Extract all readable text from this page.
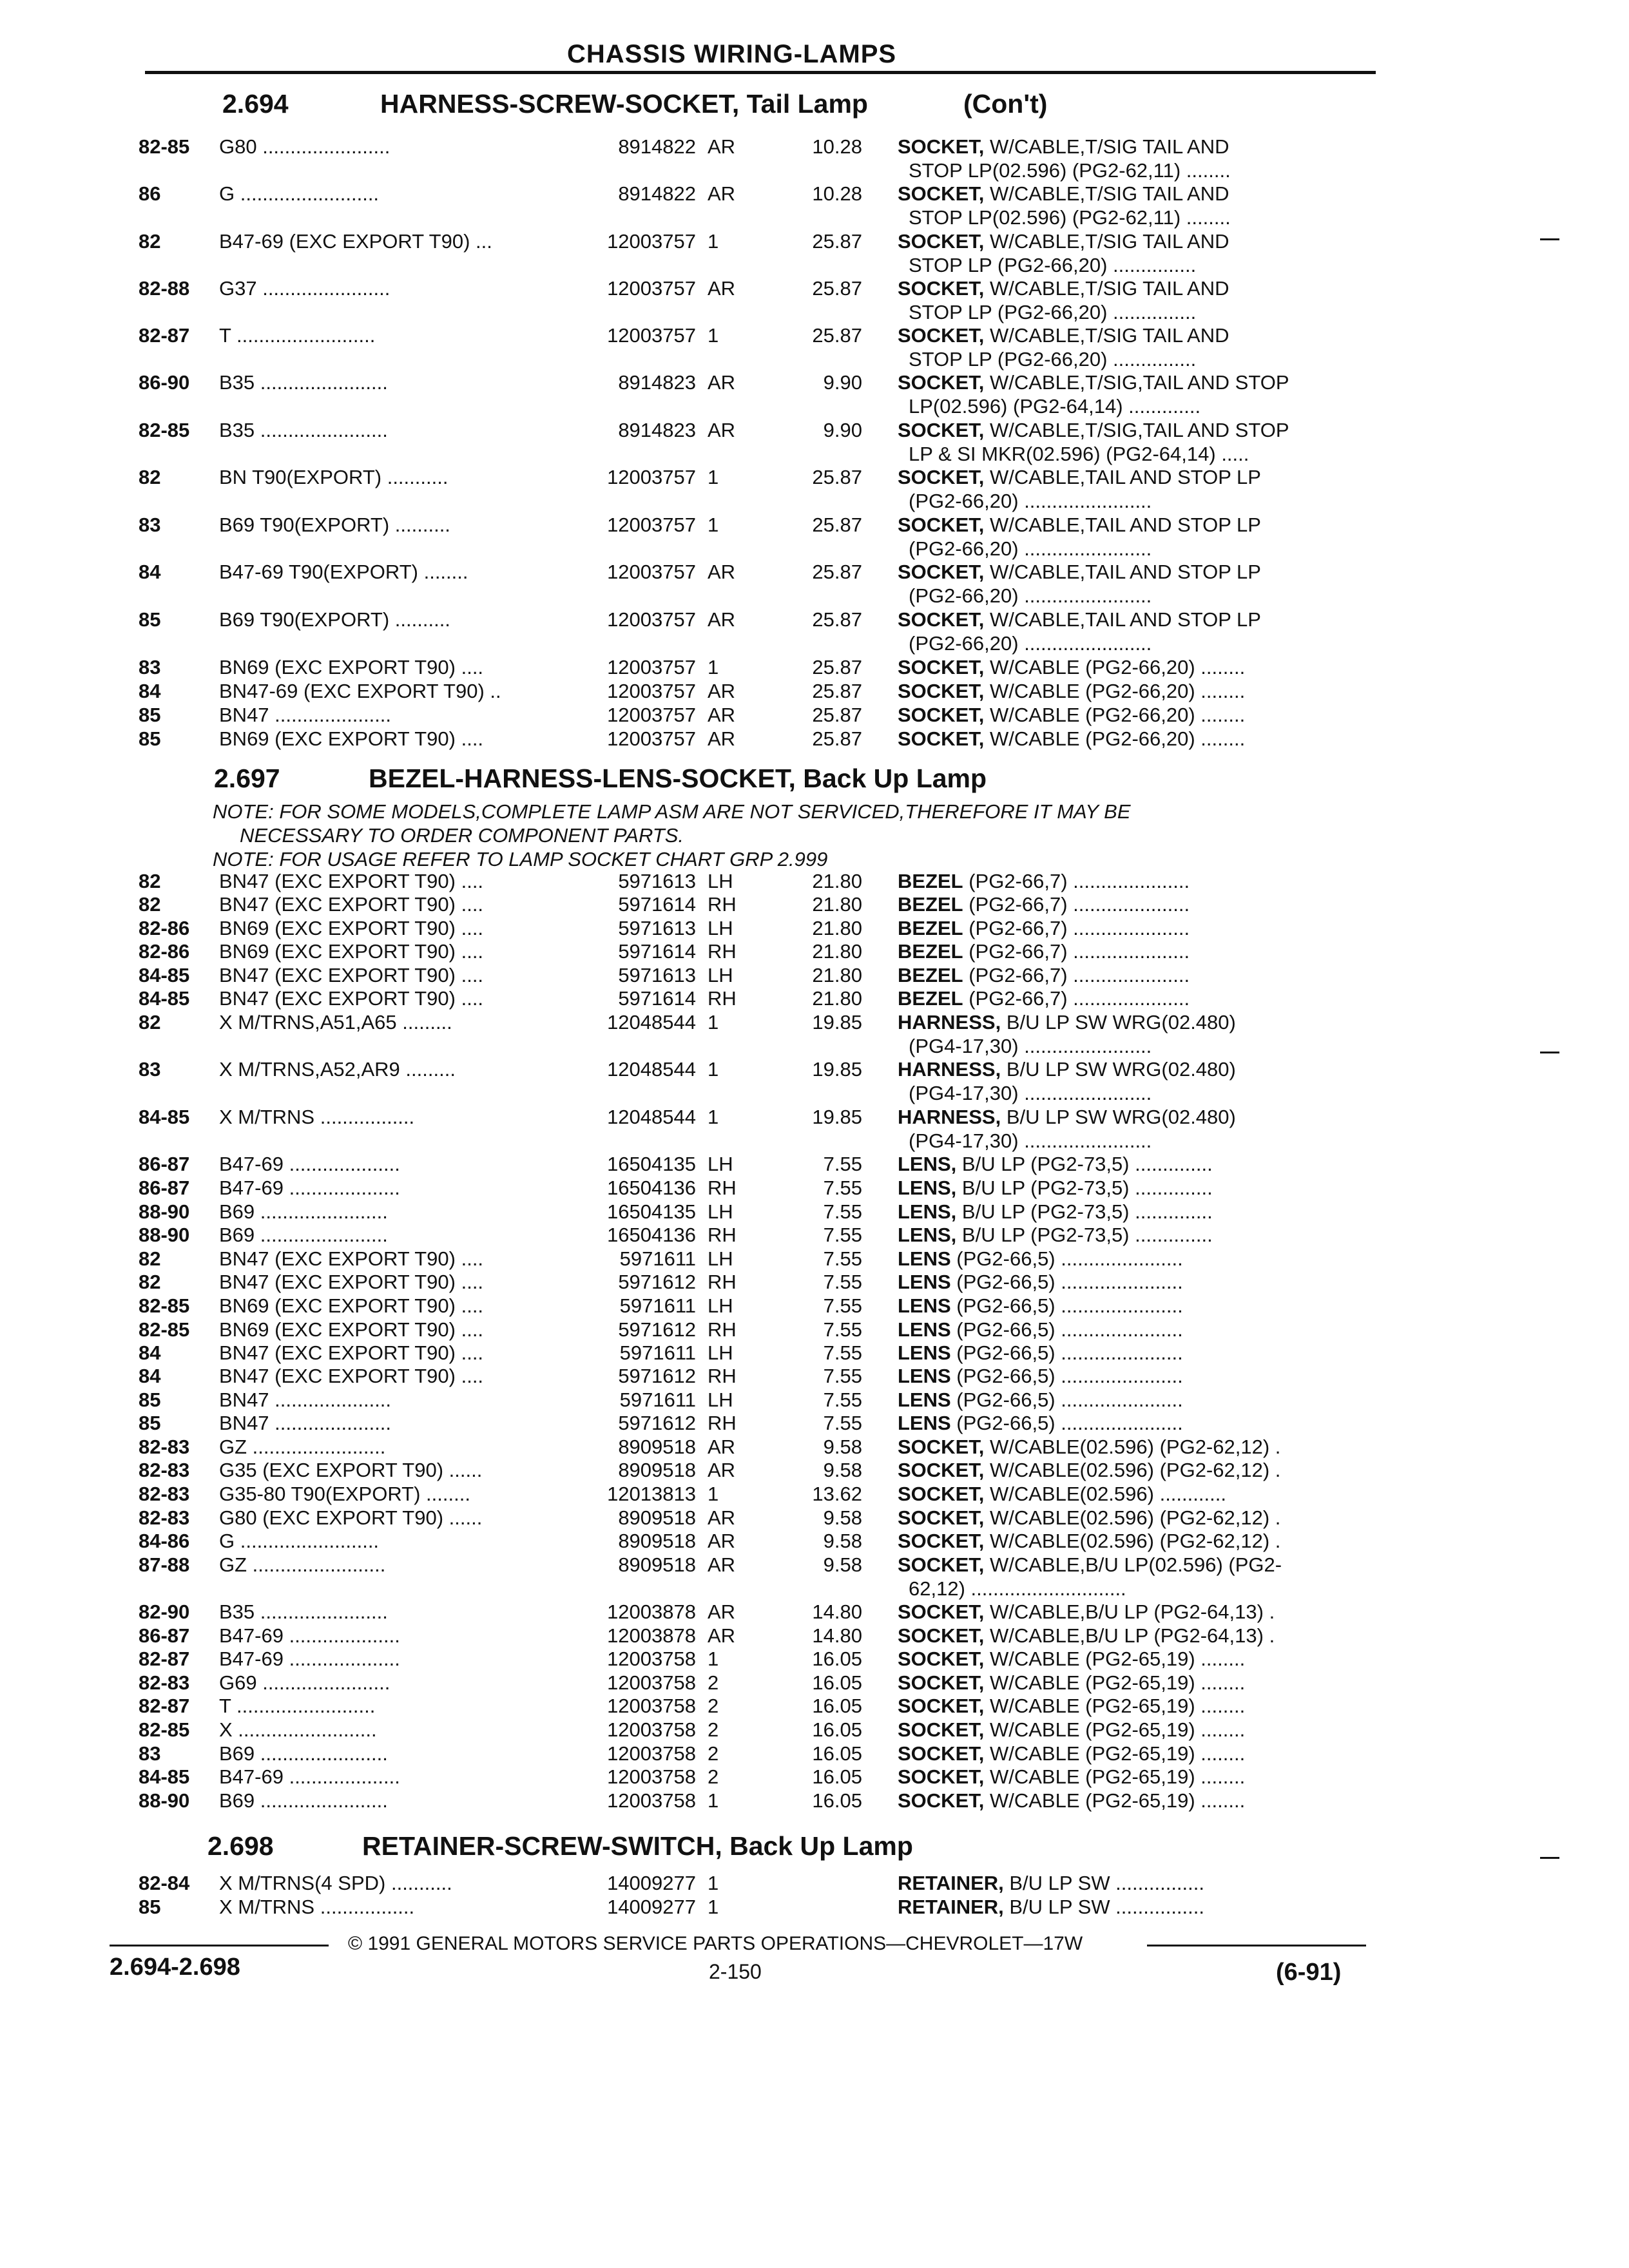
CHASSIS WIRING-LAMPS
2.694	HARNESS-SCREW-SOCKET, Tail Lamp	(Con't)
2.697	BEZEL-HARNESS-LENS-SOCKET, Back Up Lamp
NOTE: FOR SOME MODELS,COMPLETE LAMP ASM ARE NOT SERVICED,THEREFORE IT MAY BE
NECESSARY TO ORDER COMPONENT PARTS.
NOTE: FOR USAGE REFER TO LAMP SOCKET CHART GRP 2.999
2.698	RETAINER-SCREW-SWITCH, Back Up Lamp
82-85 G80 .......................	8914822 AR	10.28 SOCKET, W/CABLE,T/SIG TAIL AND
STOP LP(02.596) (PG2-62,11) ........
86	G .........................	8914822 AR	10.28 SOCKET, W/CABLE,T/SIG TAIL AND
STOP LP(02.596) (PG2-62,11) ........
82	B47-69 (EXC EXPORT T90) ...	12003757 1	25.87 SOCKET, W/CABLE,T/SIG TAIL AND
STOP LP (PG2-66,20) ...............
82-88 G37 .......................	12003757 AR	25.87 SOCKET, W/CABLE,T/SIG TAIL AND
STOP LP (PG2-66,20) ...............
82-87 T .........................	12003757 1	25.87 SOCKET, W/CABLE,T/SIG TAIL AND
STOP LP (PG2-66,20) ...............
86-90 B35 .......................	8914823 AR	9.90 SOCKET, W/CABLE,T/SIG,TAIL AND STOP
LP(02.596) (PG2-64,14) .............
82-85 B35 .......................	8914823 AR	9.90 SOCKET, W/CABLE,T/SIG,TAIL AND STOP
LP & SI MKR(02.596) (PG2-64,14) .....
82	BN T90(EXPORT) ...........	12003757 1	25.87 SOCKET, W/CABLE,TAIL AND STOP LP
(PG2-66,20) .......................
83	B69 T90(EXPORT) ..........	12003757 1	25.87 SOCKET, W/CABLE,TAIL AND STOP LP
(PG2-66,20) .......................
84	B47-69 T90(EXPORT) ........	12003757 AR	25.87 SOCKET, W/CABLE,TAIL AND STOP LP
(PG2-66,20) .......................
85	B69 T90(EXPORT) ..........	12003757 AR	25.87 SOCKET, W/CABLE,TAIL AND STOP LP
(PG2-66,20) .......................
83	BN69 (EXC EXPORT T90) ....	12003757 1	25.87 SOCKET, W/CABLE (PG2-66,20) ........
84	BN47-69 (EXC EXPORT T90) ..	12003757 AR	25.87 SOCKET, W/CABLE (PG2-66,20) ........
85	BN47 .....................	12003757 AR	25.87 SOCKET, W/CABLE (PG2-66,20) ........
85	BN69 (EXC EXPORT T90) ....	12003757 AR	25.87 SOCKET, W/CABLE (PG2-66,20) ........
82	BN47 (EXC EXPORT T90) ....	5971613 LH	21.80 BEZEL (PG2-66,7) .....................
82	BN47 (EXC EXPORT T90) ....	5971614 RH	21.80 BEZEL (PG2-66,7) .....................
82-86 BN69 (EXC EXPORT T90) ....	5971613 LH	21.80 BEZEL (PG2-66,7) .....................
82-86 BN69 (EXC EXPORT T90) ....	5971614 RH	21.80 BEZEL (PG2-66,7) .....................
84-85 BN47 (EXC EXPORT T90) ....	5971613 LH	21.80 BEZEL (PG2-66,7) .....................
84-85 BN47 (EXC EXPORT T90) ....	5971614 RH	21.80 BEZEL (PG2-66,7) .....................
82	X M/TRNS,A51,A65 .........	12048544 1	19.85 HARNESS, B/U LP SW WRG(02.480)
(PG4-17,30) .......................
83	X M/TRNS,A52,AR9 .........	12048544 1	19.85 HARNESS, B/U LP SW WRG(02.480)
(PG4-17,30) .......................
84-85 X M/TRNS .................	12048544 1	19.85 HARNESS, B/U LP SW WRG(02.480)
(PG4-17,30) .......................
86-87 B47-69 ....................	16504135 LH	7.55 LENS, B/U LP (PG2-73,5) ..............
86-87 B47-69 ....................	16504136 RH	7.55 LENS, B/U LP (PG2-73,5) ..............
88-90 B69 .......................	16504135 LH	7.55 LENS, B/U LP (PG2-73,5) ..............
88-90 B69 .......................	16504136 RH	7.55 LENS, B/U LP (PG2-73,5) ..............
82	BN47 (EXC EXPORT T90) ....	5971611 LH	7.55 LENS (PG2-66,5) ......................
82	BN47 (EXC EXPORT T90) ....	5971612 RH	7.55 LENS (PG2-66,5) ......................
82-85 BN69 (EXC EXPORT T90) ....	5971611 LH	7.55 LENS (PG2-66,5) ......................
82-85 BN69 (EXC EXPORT T90) ....	5971612 RH	7.55 LENS (PG2-66,5) ......................
84	BN47 (EXC EXPORT T90) ....	5971611 LH	7.55 LENS (PG2-66,5) ......................
84	BN47 (EXC EXPORT T90) ....	5971612 RH	7.55 LENS (PG2-66,5) ......................
85	BN47 .....................	5971611 LH	7.55 LENS (PG2-66,5) ......................
85	BN47 .....................	5971612 RH	7.55 LENS (PG2-66,5) ......................
82-83 GZ ........................	8909518 AR	9.58 SOCKET, W/CABLE(02.596) (PG2-62,12) .
82-83 G35 (EXC EXPORT T90) ......	8909518 AR	9.58 SOCKET, W/CABLE(02.596) (PG2-62,12) .
82-83 G35-80 T90(EXPORT) ........	12013813 1	13.62 SOCKET, W/CABLE(02.596) ............
82-83 G80 (EXC EXPORT T90) ......	8909518 AR	9.58 SOCKET, W/CABLE(02.596) (PG2-62,12) .
84-86 G .........................	8909518 AR	9.58 SOCKET, W/CABLE(02.596) (PG2-62,12) .
87-88 GZ ........................	8909518 AR	9.58 SOCKET, W/CABLE,B/U LP(02.596) (PG2-
62,12) ............................
82-90 B35 .......................	12003878 AR	14.80 SOCKET, W/CABLE,B/U LP (PG2-64,13) .
86-87 B47-69 ....................	12003878 AR	14.80 SOCKET, W/CABLE,B/U LP (PG2-64,13) .
82-87 B47-69 ....................	12003758 1	16.05 SOCKET, W/CABLE (PG2-65,19) ........
82-83 G69 .......................	12003758 2	16.05 SOCKET, W/CABLE (PG2-65,19) ........
82-87 T .........................	12003758 2	16.05 SOCKET, W/CABLE (PG2-65,19) ........
82-85 X .........................	12003758 2	16.05 SOCKET, W/CABLE (PG2-65,19) ........
83	B69 .......................	12003758 2	16.05 SOCKET, W/CABLE (PG2-65,19) ........
84-85 B47-69 ....................	12003758 2	16.05 SOCKET, W/CABLE (PG2-65,19) ........
88-90 B69 .......................	12003758 1	16.05 SOCKET, W/CABLE (PG2-65,19) ........
82-84 X M/TRNS(4 SPD) ...........	14009277 1	RETAINER, B/U LP SW ................
85	X M/TRNS .................	14009277 1	RETAINER, B/U LP SW ................
© 1991 GENERAL MOTORS SERVICE PARTS OPERATIONS—CHEVROLET—17W
2.694-2.698	2-150	(6-91)
